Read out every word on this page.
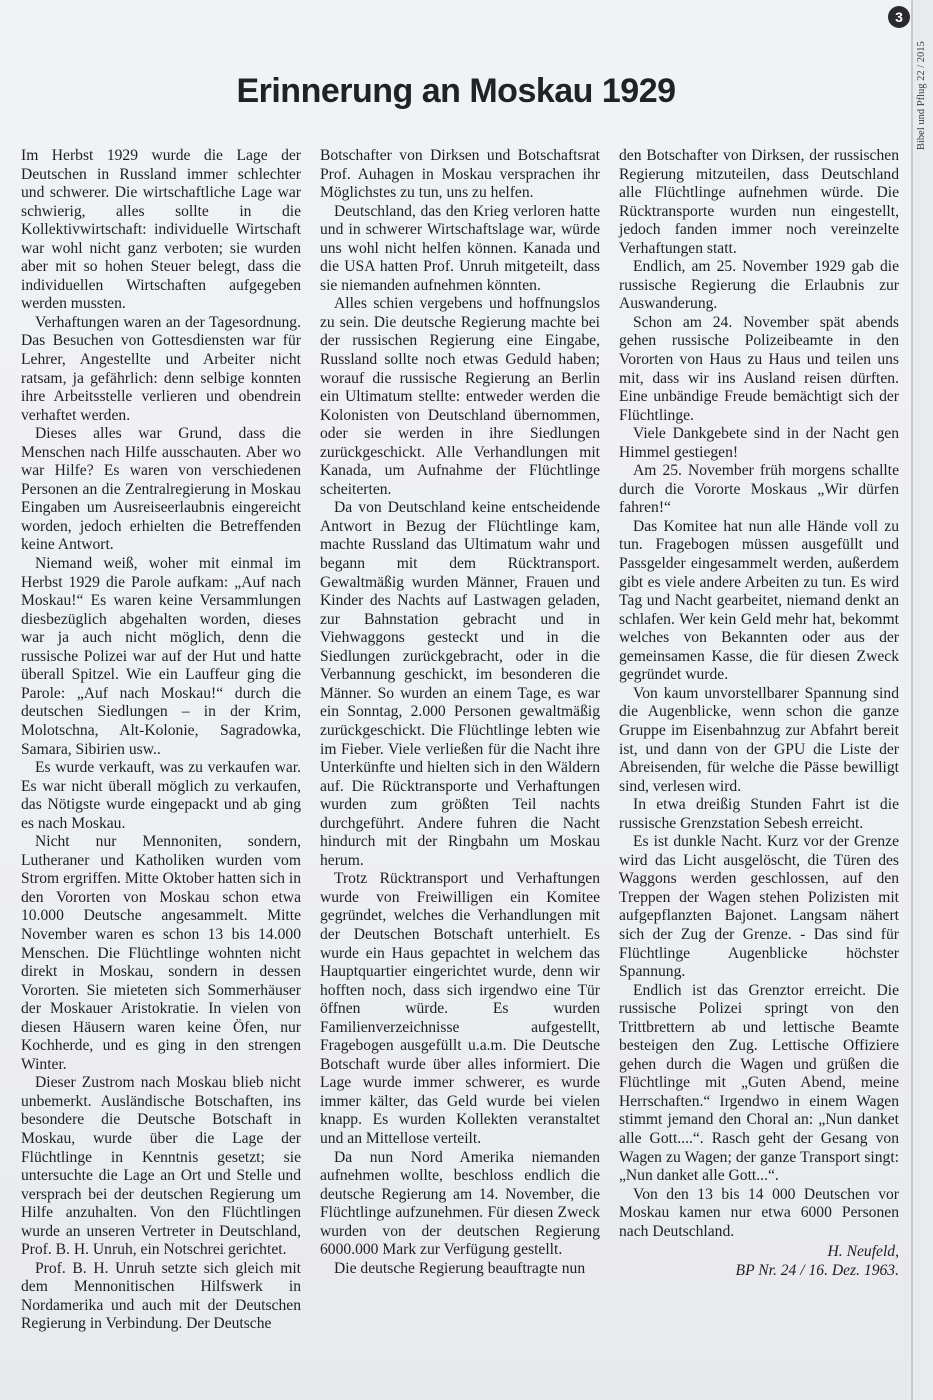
3
Bibel und Pflug 22 / 2015
Erinnerung an Moskau 1929

Im Herbst 1929 wurde die Lage der Deutschen in Russland immer schlechter und schwerer. Die wirtschaftliche Lage war schwierig, alles sollte in die Kollektivwirtschaft: individuelle Wirtschaft war wohl nicht ganz verboten; sie wurden aber mit so hohen Steuer belegt, dass die individuellen Wirtschaften aufgegeben werden mussten.

Verhaftungen waren an der Tagesordnung. Das Besuchen von Gottesdiensten war für Lehrer, Angestellte und Arbeiter nicht ratsam, ja gefährlich: denn selbige konnten ihre Arbeitsstelle verlieren und obendrein verhaftet werden.

Dieses alles war Grund, dass die Menschen nach Hilfe ausschauten. Aber wo war Hilfe? Es waren von verschiedenen Personen an die Zentralregierung in Moskau Eingaben um Ausreiseerlaubnis eingereicht worden, jedoch erhielten die Betreffenden keine Antwort.

Niemand weiß, woher mit einmal im Herbst 1929 die Parole aufkam: „Auf nach Moskau!“ Es waren keine Versammlungen diesbezüglich abgehalten worden, dieses war ja auch nicht möglich, denn die russische Polizei war auf der Hut und hatte überall Spitzel. Wie ein Lauffeur ging die Parole: „Auf nach Moskau!“ durch die deutschen Siedlungen – in der Krim, Molotschna, Alt-Kolonie, Sagradowka, Samara, Sibirien usw..

Es wurde verkauft, was zu verkaufen war. Es war nicht überall möglich zu verkaufen, das Nötigste wurde eingepackt und ab ging es nach Moskau.

Nicht nur Mennoniten, sondern, Lutheraner und Katholiken wurden vom Strom ergriffen. Mitte Oktober hatten sich in den Vororten von Moskau schon etwa 10.000 Deutsche angesammelt. Mitte November waren es schon 13 bis 14.000 Menschen. Die Flüchtlinge wohnten nicht direkt in Moskau, sondern in dessen Vororten. Sie mieteten sich Sommerhäuser der Moskauer Aristokratie. In vielen von diesen Häusern waren keine Öfen, nur Kochherde, und es ging in den strengen Winter.

Dieser Zustrom nach Moskau blieb nicht unbemerkt. Ausländische Botschaften, ins besondere die Deutsche Botschaft in Moskau, wurde über die Lage der Flüchtlinge in Kenntnis gesetzt; sie untersuchte die Lage an Ort und Stelle und versprach bei der deutschen Regierung um Hilfe anzuhalten. Von den Flüchtlingen wurde an unseren Vertreter in Deutschland, Prof. B. H. Unruh, ein Notschrei gerichtet.

Prof. B. H. Unruh setzte sich gleich mit dem Mennonitischen Hilfswerk in Nordamerika und auch mit der Deutschen Regierung in Verbindung. Der Deutsche

Botschafter von Dirksen und Botschaftsrat Prof. Auhagen in Moskau versprachen ihr Möglichstes zu tun, uns zu helfen.

Deutschland, das den Krieg verloren hatte und in schwerer Wirtschaftslage war, würde uns wohl nicht helfen können. Kanada und die USA hatten Prof. Unruh mitgeteilt, dass sie niemanden aufnehmen könnten.

Alles schien vergebens und hoffnungslos zu sein. Die deutsche Regierung machte bei der russischen Regierung eine Eingabe, Russland sollte noch etwas Geduld haben; worauf die russische Regierung an Berlin ein Ultimatum stellte: entweder werden die Kolonisten von Deutschland übernommen, oder sie werden in ihre Siedlungen zurückgeschickt. Alle Verhandlungen mit Kanada, um Aufnahme der Flüchtlinge scheiterten.

Da von Deutschland keine entscheidende Antwort in Bezug der Flüchtlinge kam, machte Russland das Ultimatum wahr und begann mit dem Rücktransport. Gewaltmäßig wurden Männer, Frauen und Kinder des Nachts auf Lastwagen geladen, zur Bahnstation gebracht und in Viehwaggons gesteckt und in die Siedlungen zurückgebracht, oder in die Verbannung geschickt, im besonderen die Männer. So wurden an einem Tage, es war ein Sonntag, 2.000 Personen gewaltmäßig zurückgeschickt. Die Flüchtlinge lebten wie im Fieber. Viele verließen für die Nacht ihre Unterkünfte und hielten sich in den Wäldern auf. Die Rücktransporte und Verhaftungen wurden zum größten Teil nachts durchgeführt. Andere fuhren die Nacht hindurch mit der Ringbahn um Moskau herum.

Trotz Rücktransport und Verhaftungen wurde von Freiwilligen ein Komitee gegründet, welches die Verhandlungen mit der Deutschen Botschaft unterhielt. Es wurde ein Haus gepachtet in welchem das Hauptquartier eingerichtet wurde, denn wir hofften noch, dass sich irgendwo eine Tür öffnen würde. Es wurden Familienverzeichnisse aufgestellt, Fragebogen ausgefüllt u.a.m. Die Deutsche Botschaft wurde über alles informiert. Die Lage wurde immer schwerer, es wurde immer kälter, das Geld wurde bei vielen knapp. Es wurden Kollekten veranstaltet und an Mittellose verteilt.

Da nun Nord Amerika niemanden aufnehmen wollte, beschloss endlich die deutsche Regierung am 14. November, die Flüchtlinge aufzunehmen. Für diesen Zweck wurden von der deutschen Regierung 6000.000 Mark zur Verfügung gestellt.

Die deutsche Regierung beauftragte nun

den Botschafter von Dirksen, der russischen Regierung mitzuteilen, dass Deutschland alle Flüchtlinge aufnehmen würde. Die Rücktransporte wurden nun eingestellt, jedoch fanden immer noch vereinzelte Verhaftungen statt.

Endlich, am 25. November 1929 gab die russische Regierung die Erlaubnis zur Auswanderung.

Schon am 24. November spät abends gehen russische Polizeibeamte in den Vororten von Haus zu Haus und teilen uns mit, dass wir ins Ausland reisen dürften. Eine unbändige Freude bemächtigt sich der Flüchtlinge.

Viele Dankgebete sind in der Nacht gen Himmel gestiegen!

Am 25. November früh morgens schallte durch die Vororte Moskaus „Wir dürfen fahren!“

Das Komitee hat nun alle Hände voll zu tun. Fragebogen müssen ausgefüllt und Passgelder eingesammelt werden, außerdem gibt es viele andere Arbeiten zu tun. Es wird Tag und Nacht gearbeitet, niemand denkt an schlafen. Wer kein Geld mehr hat, bekommt welches von Bekannten oder aus der gemeinsamen Kasse, die für diesen Zweck gegründet wurde.

Von kaum unvorstellbarer Spannung sind die Augenblicke, wenn schon die ganze Gruppe im Eisenbahnzug zur Abfahrt bereit ist, und dann von der GPU die Liste der Abreisenden, für welche die Pässe bewilligt sind, verlesen wird.

In etwa dreißig Stunden Fahrt ist die russische Grenzstation Sebesh erreicht.

Es ist dunkle Nacht. Kurz vor der Grenze wird das Licht ausgelöscht, die Türen des Waggons werden geschlossen, auf den Treppen der Wagen stehen Polizisten mit aufgepflanzten Bajonet. Langsam nähert sich der Zug der Grenze. - Das sind für Flüchtlinge Augenblicke höchster Spannung.

Endlich ist das Grenztor erreicht. Die russische Polizei springt von den Trittbrettern ab und lettische Beamte besteigen den Zug. Lettische Offiziere gehen durch die Wagen und grüßen die Flüchtlinge mit „Guten Abend, meine Herrschaften.“ Irgendwo in einem Wagen stimmt jemand den Choral an: „Nun danket alle Gott....“. Rasch geht der Gesang von Wagen zu Wagen; der ganze Transport singt: „Nun danket alle Gott...“.

Von den 13 bis 14 000 Deutschen vor Moskau kamen nur etwa 6000 Personen nach Deutschland.

H. Neufeld,
BP Nr. 24 / 16. Dez. 1963.
